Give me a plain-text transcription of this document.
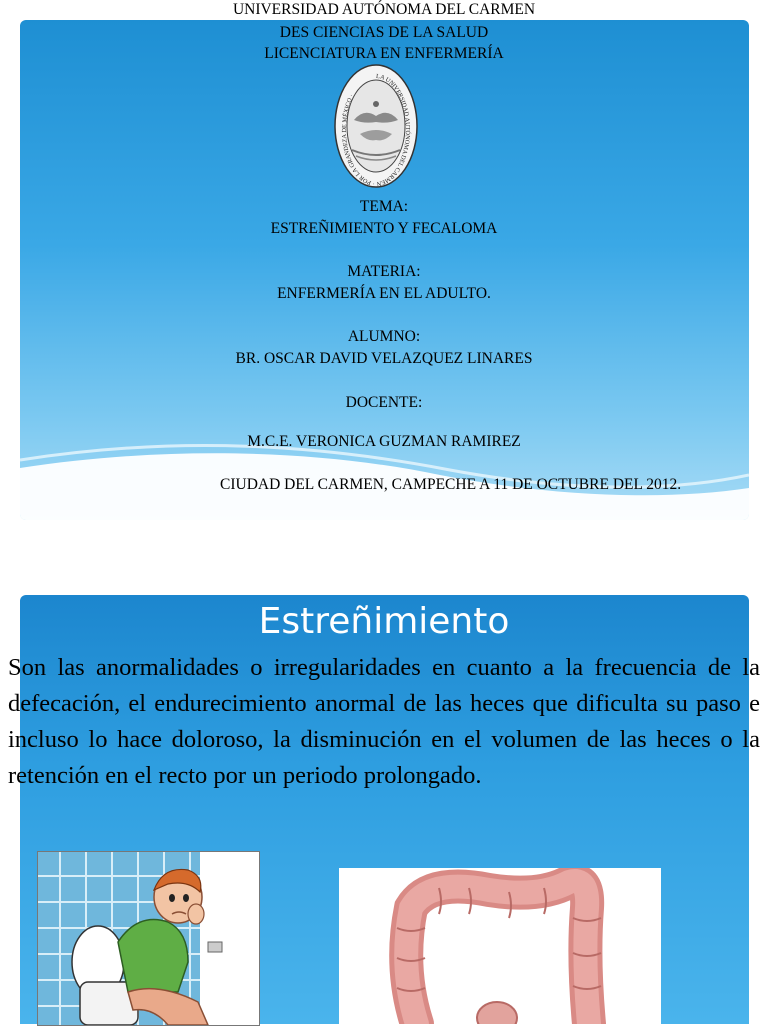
UNIVERSIDAD AUTÓNOMA DEL CARMEN
DES CIENCIAS DE LA SALUD
LICENCIATURA EN ENFERMERÍA
LA UNIVERSIDAD AUTÓNOMA DEL CARMEN · POR LA GRANDEZA DE MÉXICO ·
TEMA:
ESTREÑIMIENTO Y FECALOMA
MATERIA:
ENFERMERÍA EN EL ADULTO.
ALUMNO:
BR. OSCAR DAVID VELAZQUEZ LINARES
DOCENTE:
M.C.E. VERONICA GUZMAN RAMIREZ
CIUDAD DEL CARMEN, CAMPECHE A 11 DE OCTUBRE DEL 2012.
Estreñimiento
Son las anormalidades o irregularidades en cuanto a la frecuencia de la defecación, el endurecimiento anormal de las heces que dificulta su paso e incluso lo hace doloroso, la disminución en el volumen de las heces o la retención en el recto por un periodo prolongado.
